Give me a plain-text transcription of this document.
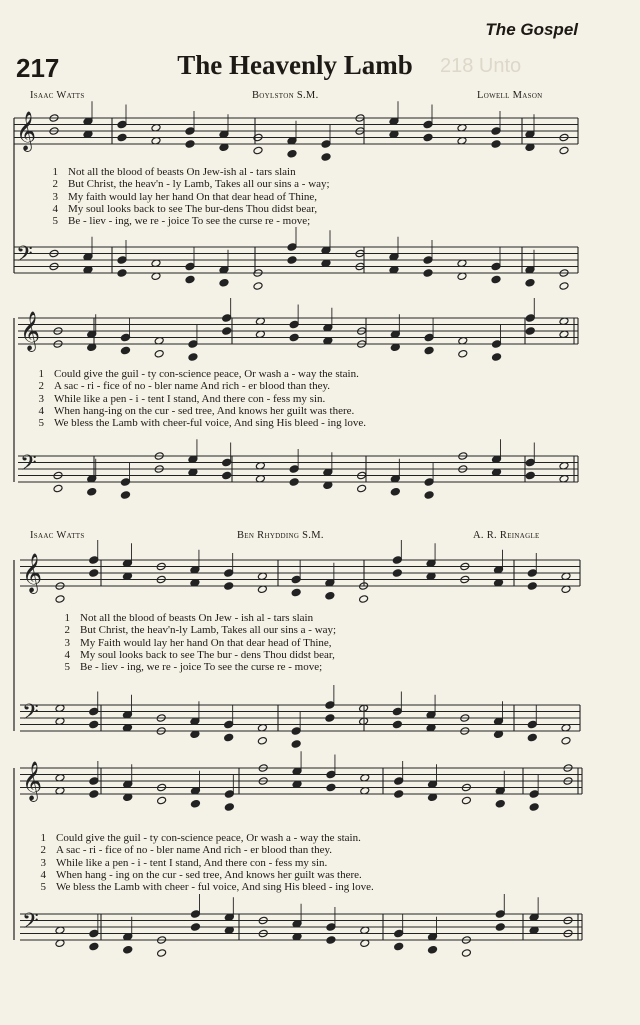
The Gospel
218 Unto
217	The Heavenly Lamb
Isaac Watts	Boylston S.M.	Lowell Mason
Isaac Watts	Ben Rhydding S.M.	A. R. Reinagle
𝄞
𝄢
𝄞
𝄢
𝄞
𝄢
𝄞
𝄢
1 Not all the blood of beasts On Jew-ish al - tars slain
2 But Christ, the heav'n - ly Lamb, Takes all our sins a - way;
3 My faith would lay her hand On that dear head of Thine,
4 My soul looks back to see The bur-dens Thou didst bear,
5 Be - liev - ing, we re - joice To see the curse re - move;
1 Could give the guil - ty con-science peace, Or wash a - way the stain.
2 A sac - ri - fice of no - bler name And rich - er blood than they.
3 While like a pen - i - tent I stand, And there con - fess my sin.
4 When hang-ing on the cur - sed tree, And knows her guilt was there.
5 We bless the Lamb with cheer-ful voice, And sing His bleed - ing love.
1 Not all the blood of beasts On Jew - ish al - tars slain
2 But Christ, the heav'n-ly Lamb, Takes all our sins a - way;
3 My Faith would lay her hand On that dear head of Thine,
4 My soul looks back to see The bur - dens Thou didst bear,
5 Be - liev - ing, we re - joice To see the curse re - move;
1 Could give the guil - ty con-science peace, Or wash a - way the stain.
2 A sac - ri - fice of no - bler name And rich - er blood than they.
3 While like a pen - i - tent I stand, And there con - fess my sin.
4 When hang - ing on the cur - sed tree, And knows her guilt was there.
5 We bless the Lamb with cheer - ful voice, And sing His bleed - ing love.
